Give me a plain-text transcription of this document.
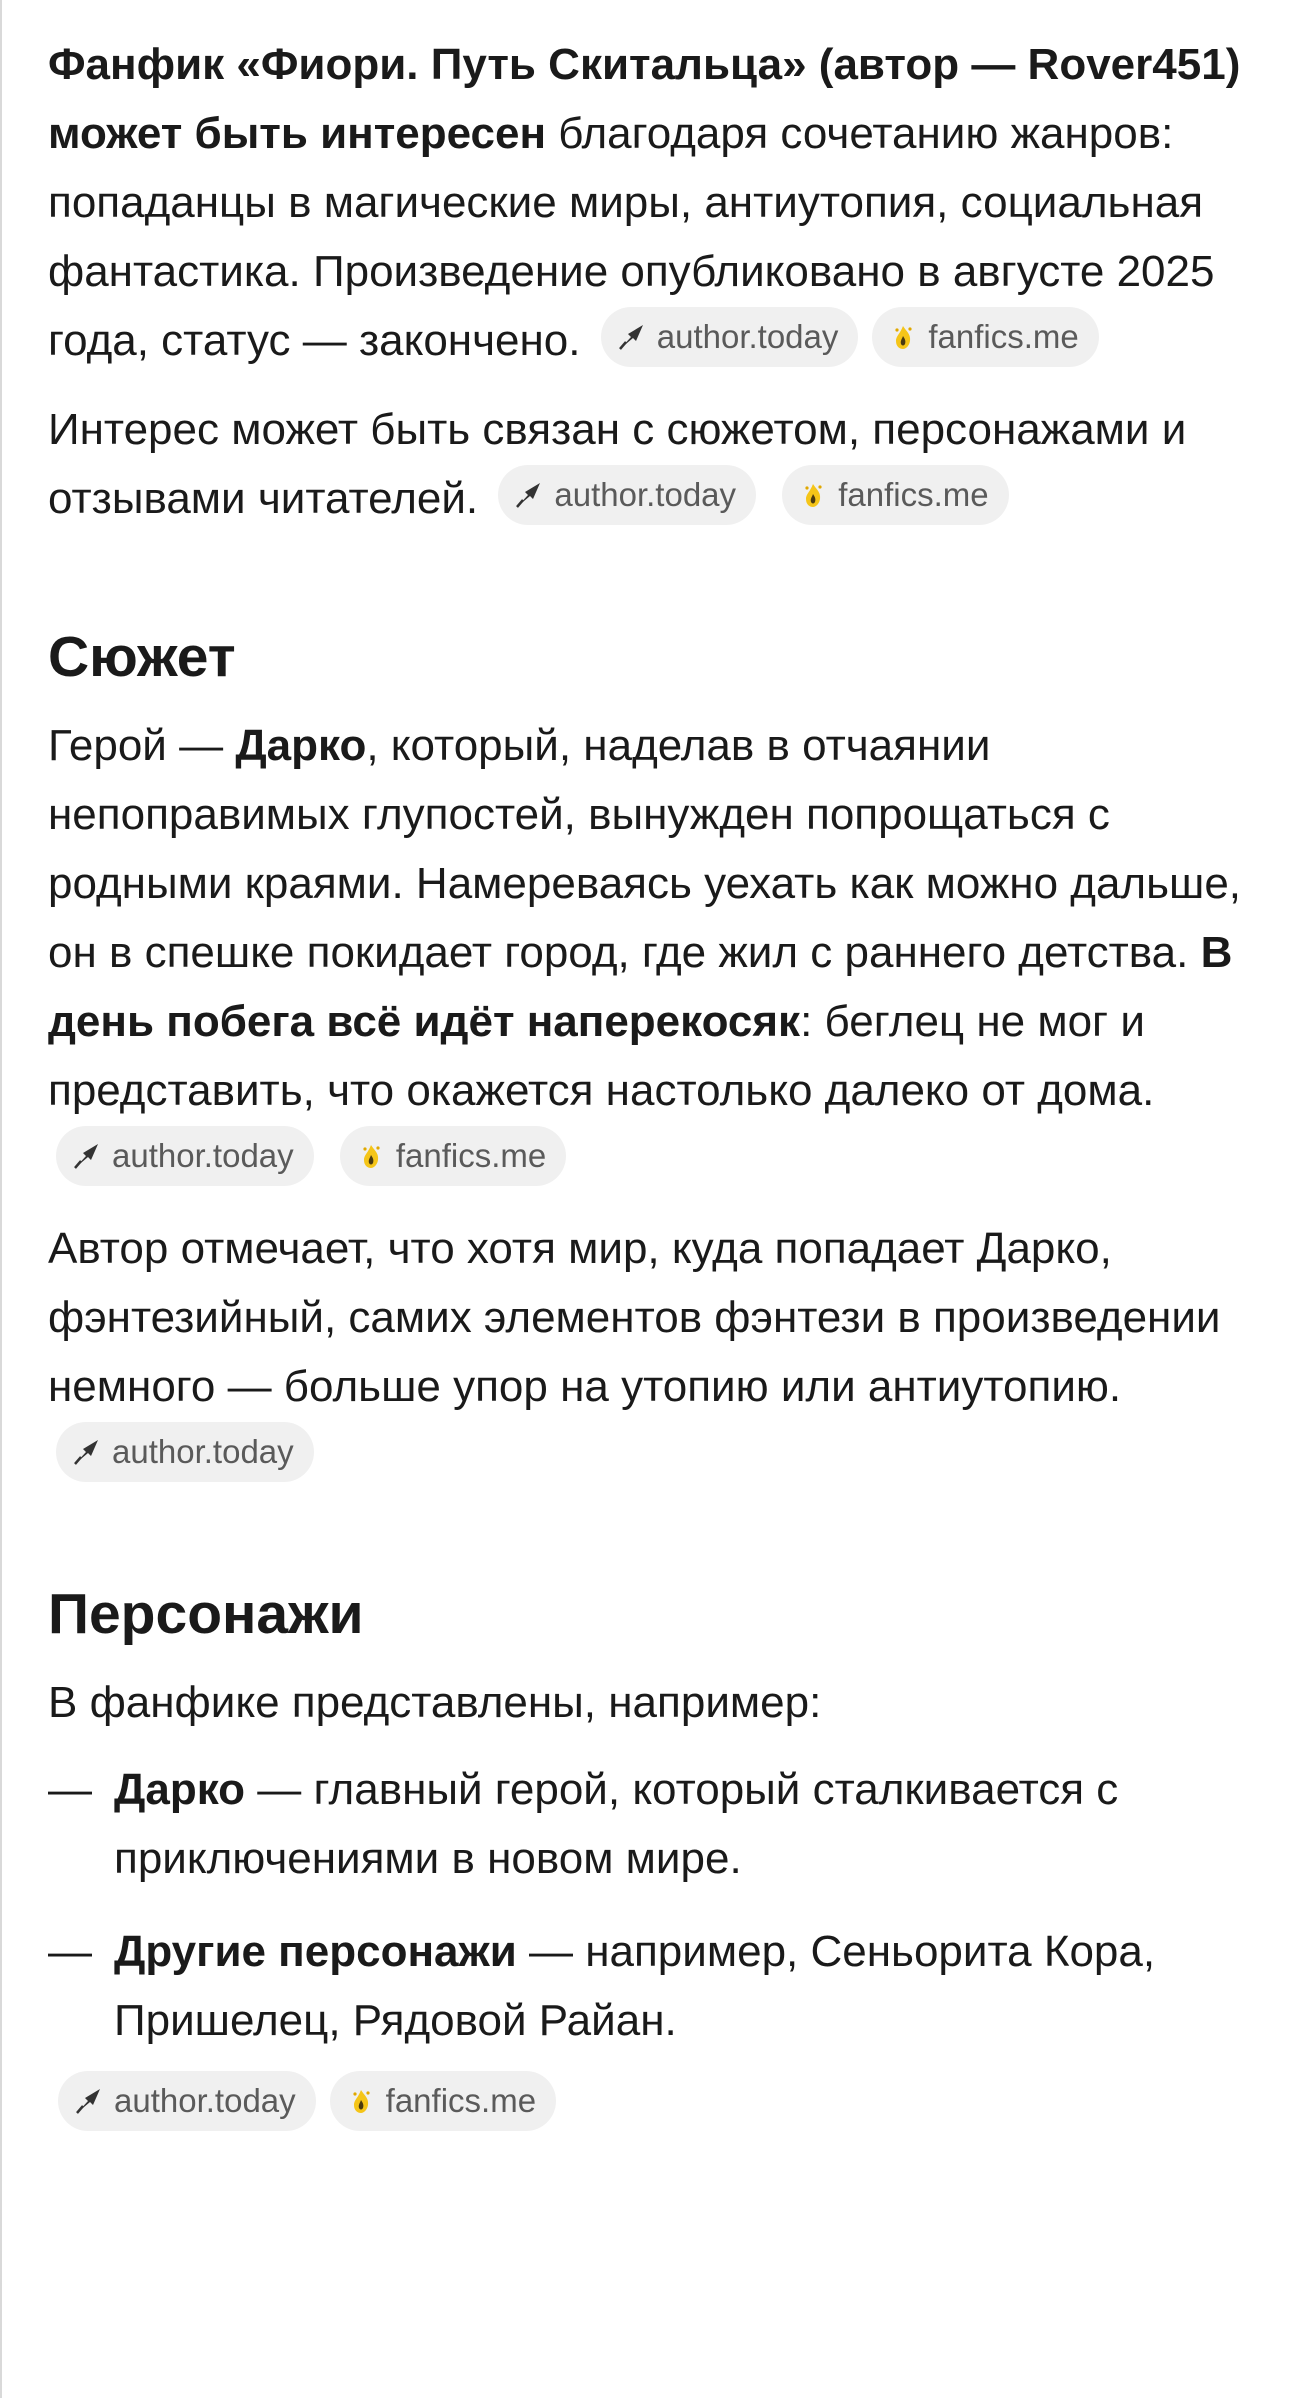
Фанфик «Фиори. Путь Скитальца» (автор — Rover451) может быть интересен благодаря сочетанию жанров: попаданцы в магические миры, антиутопия, социальная фантастика. Произведение опубликовано в августе 2025 года, статус — закончено. author.today	fanfics.me

Интерес может быть связан с сюжетом, персонажами и отзывами читателей. author.today
	fanfics.me

Сюжет

Герой — Дарко, который, наделав в отчаянии непоправимых глупостей, вынужден попрощаться с родными краями. Намереваясь уехать как можно дальше, он в спешке покидает город, где жил с раннего детства. В день побега всё идёт наперекосяк: беглец не мог и представить, что окажется настолько далеко от дома.
author.today
	fanfics.me

Автор отмечает, что хотя мир, куда попадает Дарко, фэнтезийный, самих элементов фэнтези в произведении немного — больше упор на утопию или антиутопию.
author.today

Персонажи

В фанфике представлены, например:

— Дарко — главный герой, который сталкивается с приключениями в новом мире.
— Другие персонажи — например, Сеньорита Кора, Пришелец, Рядовой Райан.
author.today	fanfics.me
